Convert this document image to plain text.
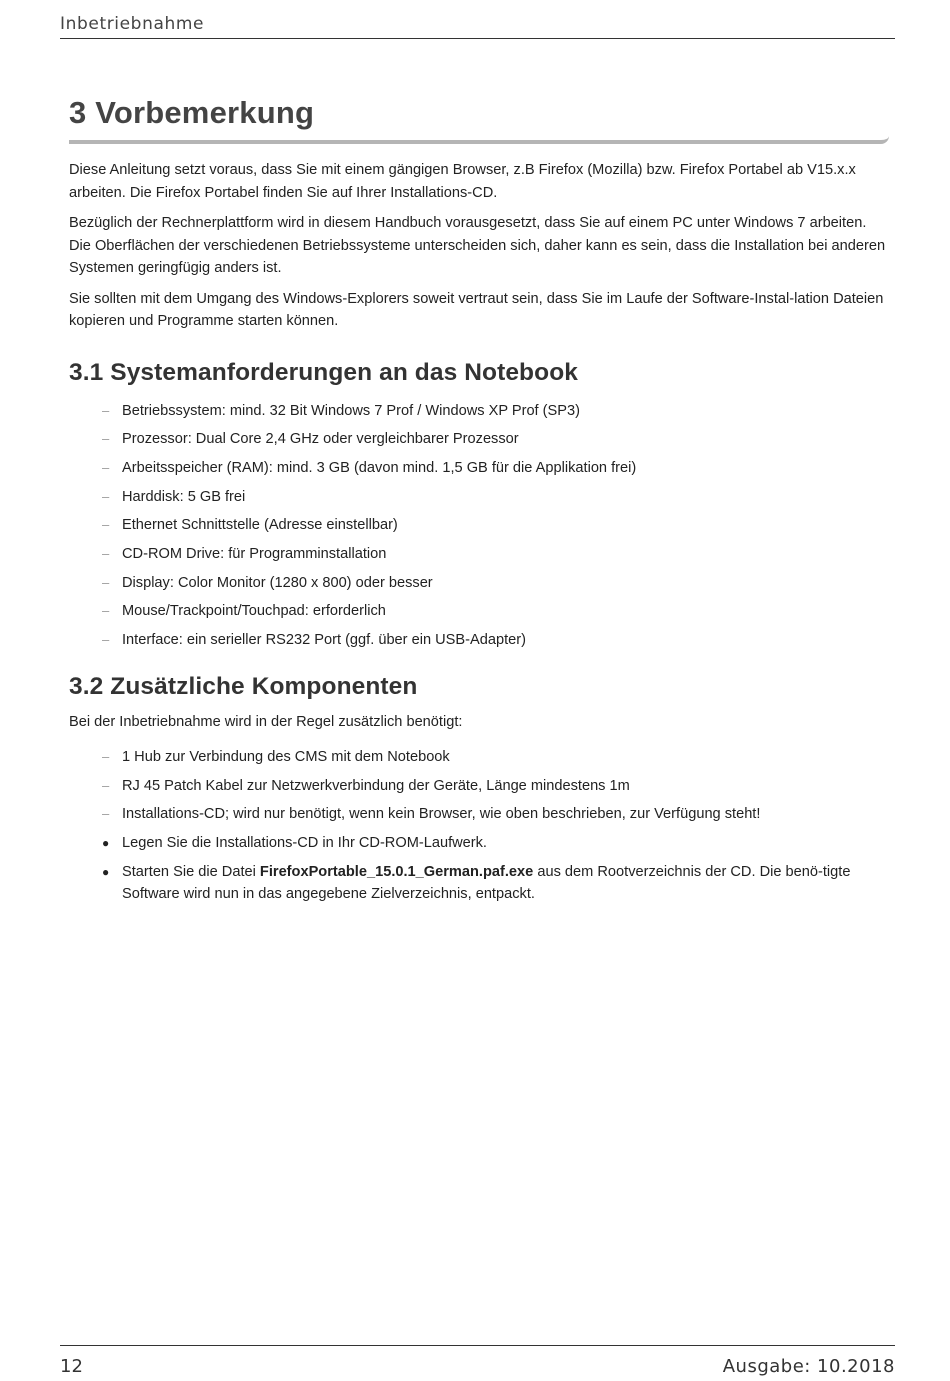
Inbetriebnahme
3 Vorbemerkung

Diese Anleitung setzt voraus, dass Sie mit einem gängigen Browser, z.B Firefox (Mozilla) bzw. Firefox Portabel ab V15.x.x arbeiten. Die Firefox Portabel finden Sie auf Ihrer Installations-CD.

Bezüglich der Rechnerplattform wird in diesem Handbuch vorausgesetzt, dass Sie auf einem PC unter Windows 7 arbeiten. Die Oberflächen der verschiedenen Betriebssysteme unterscheiden sich, daher kann es sein, dass die Installation bei anderen Systemen geringfügig anders ist.

Sie sollten mit dem Umgang des Windows-Explorers soweit vertraut sein, dass Sie im Laufe der Software-Instal-lation Dateien kopieren und Programme starten können.

3.1 Systemanforderungen an das Notebook
– Betriebssystem: mind. 32 Bit Windows 7 Prof / Windows XP Prof (SP3)
– Prozessor: Dual Core 2,4 GHz oder vergleichbarer Prozessor
– Arbeitsspeicher (RAM): mind. 3 GB (davon mind. 1,5 GB für die Applikation frei)
– Harddisk: 5 GB frei
– Ethernet Schnittstelle (Adresse einstellbar)
– CD-ROM Drive: für Programminstallation
– Display: Color Monitor (1280 x 800) oder besser
– Mouse/Trackpoint/Touchpad: erforderlich
– Interface: ein serieller RS232 Port (ggf. über ein USB-Adapter)
3.2 Zusätzliche Komponenten

Bei der Inbetriebnahme wird in der Regel zusätzlich benötigt:

– 1 Hub zur Verbindung des CMS mit dem Notebook
– RJ 45 Patch Kabel zur Netzwerkverbindung der Geräte, Länge mindestens 1m
– Installations-CD; wird nur benötigt, wenn kein Browser, wie oben beschrieben, zur Verfügung steht!
● Legen Sie die Installations-CD in Ihr CD-ROM-Laufwerk.
● Starten Sie die Datei FirefoxPortable_15.0.1_German.paf.exe aus dem Rootverzeichnis der CD. Die benö-tigte Software wird nun in das angegebene Zielverzeichnis, entpackt.
12	Ausgabe: 10.2018
